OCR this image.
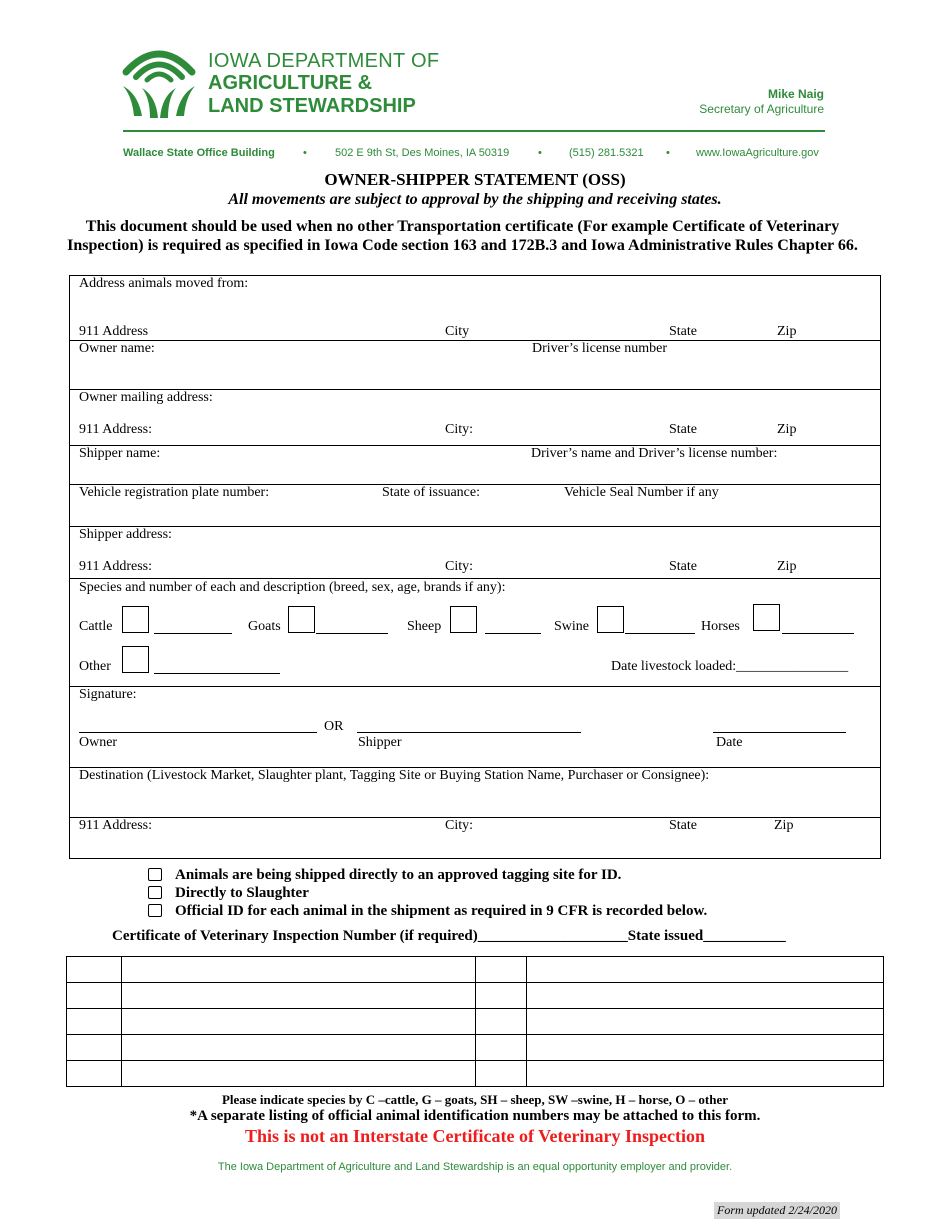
IOWA DEPARTMENT OF
AGRICULTURE &
LAND STEWARDSHIP
Mike Naig
Secretary of Agriculture
Wallace State Office Building	•	502 E 9th St, Des Moines, IA 50319	• (515) 281.5321 • www.IowaAgriculture.gov
OWNER-SHIPPER STATEMENT (OSS)
All movements are subject to approval by the shipping and receiving states.
This document should be used when no other Transportation certificate (For example Certificate of Veterinary Inspection) is required as specified in Iowa Code section 163 and 172B.3 and Iowa Administrative Rules Chapter 66.
Address animals moved from:
911 Address	City	State	Zip
Owner name:	Driver’s license number
Owner mailing address:
911 Address:	City:	State	Zip
Shipper name:	Driver’s name and Driver’s license number:
Vehicle registration plate number:	State of issuance:	Vehicle Seal Number if any
Shipper address:
911 Address:	City:	State	Zip
Species and number of each and description (breed, sex, age, brands if any):
Cattle	Goats	Sheep	Swine	Horses
Other	Date livestock loaded:________________
Signature:
OR
Owner	Shipper	Date
Destination (Livestock Market, Slaughter plant, Tagging Site or Buying Station Name, Purchaser or Consignee):
911 Address:	City:	State	Zip
Animals are being shipped directly to an approved tagging site for ID.
Directly to Slaughter
Official ID for each animal in the shipment as required in 9 CFR is recorded below.
Certificate of Veterinary Inspection Number (if required)____________________State issued___________

Please indicate species by C –cattle, G – goats, SH – sheep, SW –swine, H – horse, O – other
*A separate listing of official animal identification numbers may be attached to this form.
This is not an Interstate Certificate of Veterinary Inspection
The Iowa Department of Agriculture and Land Stewardship is an equal opportunity employer and provider.
Form updated 2/24/2020
